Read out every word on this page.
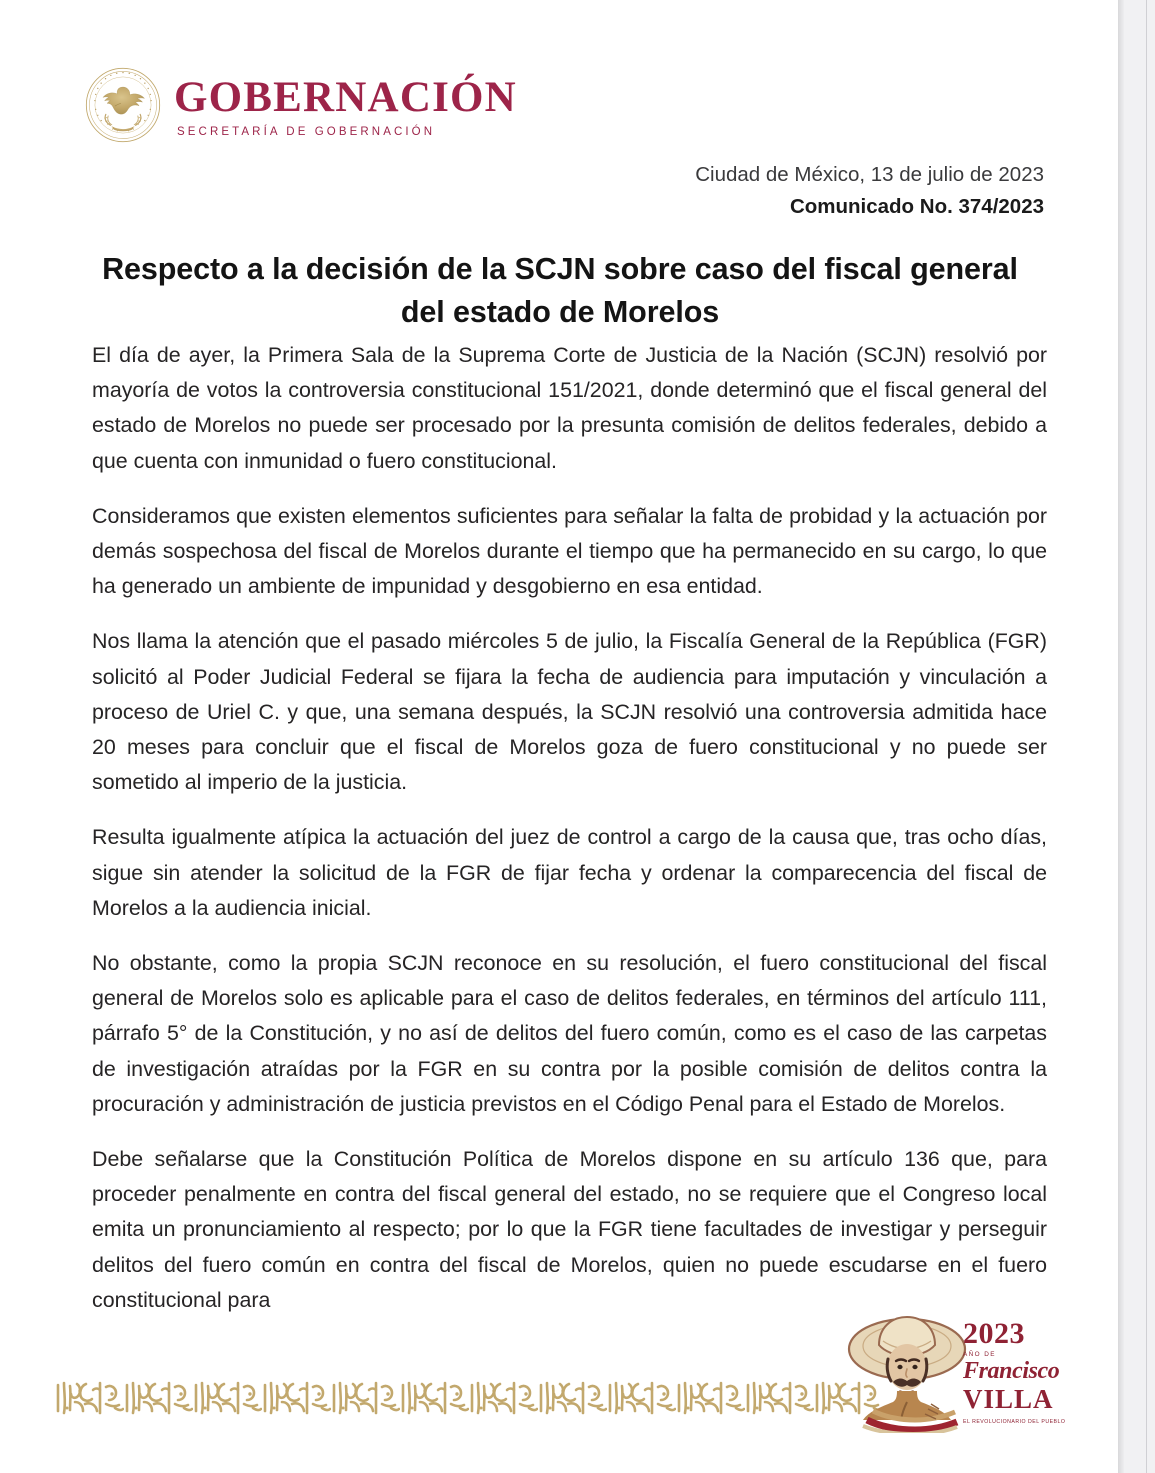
GOBERNACIÓN
SECRETARÍA DE GOBERNACIÓN
Ciudad de México, 13 de julio de 2023
Comunicado No. 374/2023
Respecto a la decisión de la SCJN sobre caso del fiscal general del estado de Morelos

El día de ayer, la Primera Sala de la Suprema Corte de Justicia de la Nación (SCJN) resolvió por mayoría de votos la controversia constitucional 151/2021, donde determinó que el fiscal general del estado de Morelos no puede ser procesado por la presunta comisión de delitos federales, debido a que cuenta con inmunidad o fuero constitucional.

Consideramos que existen elementos suficientes para señalar la falta de probidad y la actuación por demás sospechosa del fiscal de Morelos durante el tiempo que ha permanecido en su cargo, lo que ha generado un ambiente de impunidad y desgobierno en esa entidad.

Nos llama la atención que el pasado miércoles 5 de julio, la Fiscalía General de la República (FGR) solicitó al Poder Judicial Federal se fijara la fecha de audiencia para imputación y vinculación a proceso de Uriel C. y que, una semana después, la SCJN resolvió una controversia admitida hace 20 meses para concluir que el fiscal de Morelos goza de fuero constitucional y no puede ser sometido al imperio de la justicia.

Resulta igualmente atípica la actuación del juez de control a cargo de la causa que, tras ocho días, sigue sin atender la solicitud de la FGR de fijar fecha y ordenar la comparecencia del fiscal de Morelos a la audiencia inicial.

No obstante, como la propia SCJN reconoce en su resolución, el fuero constitucional del fiscal general de Morelos solo es aplicable para el caso de delitos federales, en términos del artículo 111, párrafo 5° de la Constitución, y no así de delitos del fuero común, como es el caso de las carpetas de investigación atraídas por la FGR en su contra por la posible comisión de delitos contra la procuración y administración de justicia previstos en el Código Penal para el Estado de Morelos.

Debe señalarse que la Constitución Política de Morelos dispone en su artículo 136 que, para proceder penalmente en contra del fiscal general del estado, no se requiere que el Congreso local emita un pronunciamiento al respecto; por lo que la FGR tiene facultades de investigar y perseguir delitos del fuero común en contra del fiscal de Morelos, quien no puede escudarse en el fuero constitucional para

2023
AÑO DE
Francisco
VILLA
EL REVOLUCIONARIO DEL PUEBLO
